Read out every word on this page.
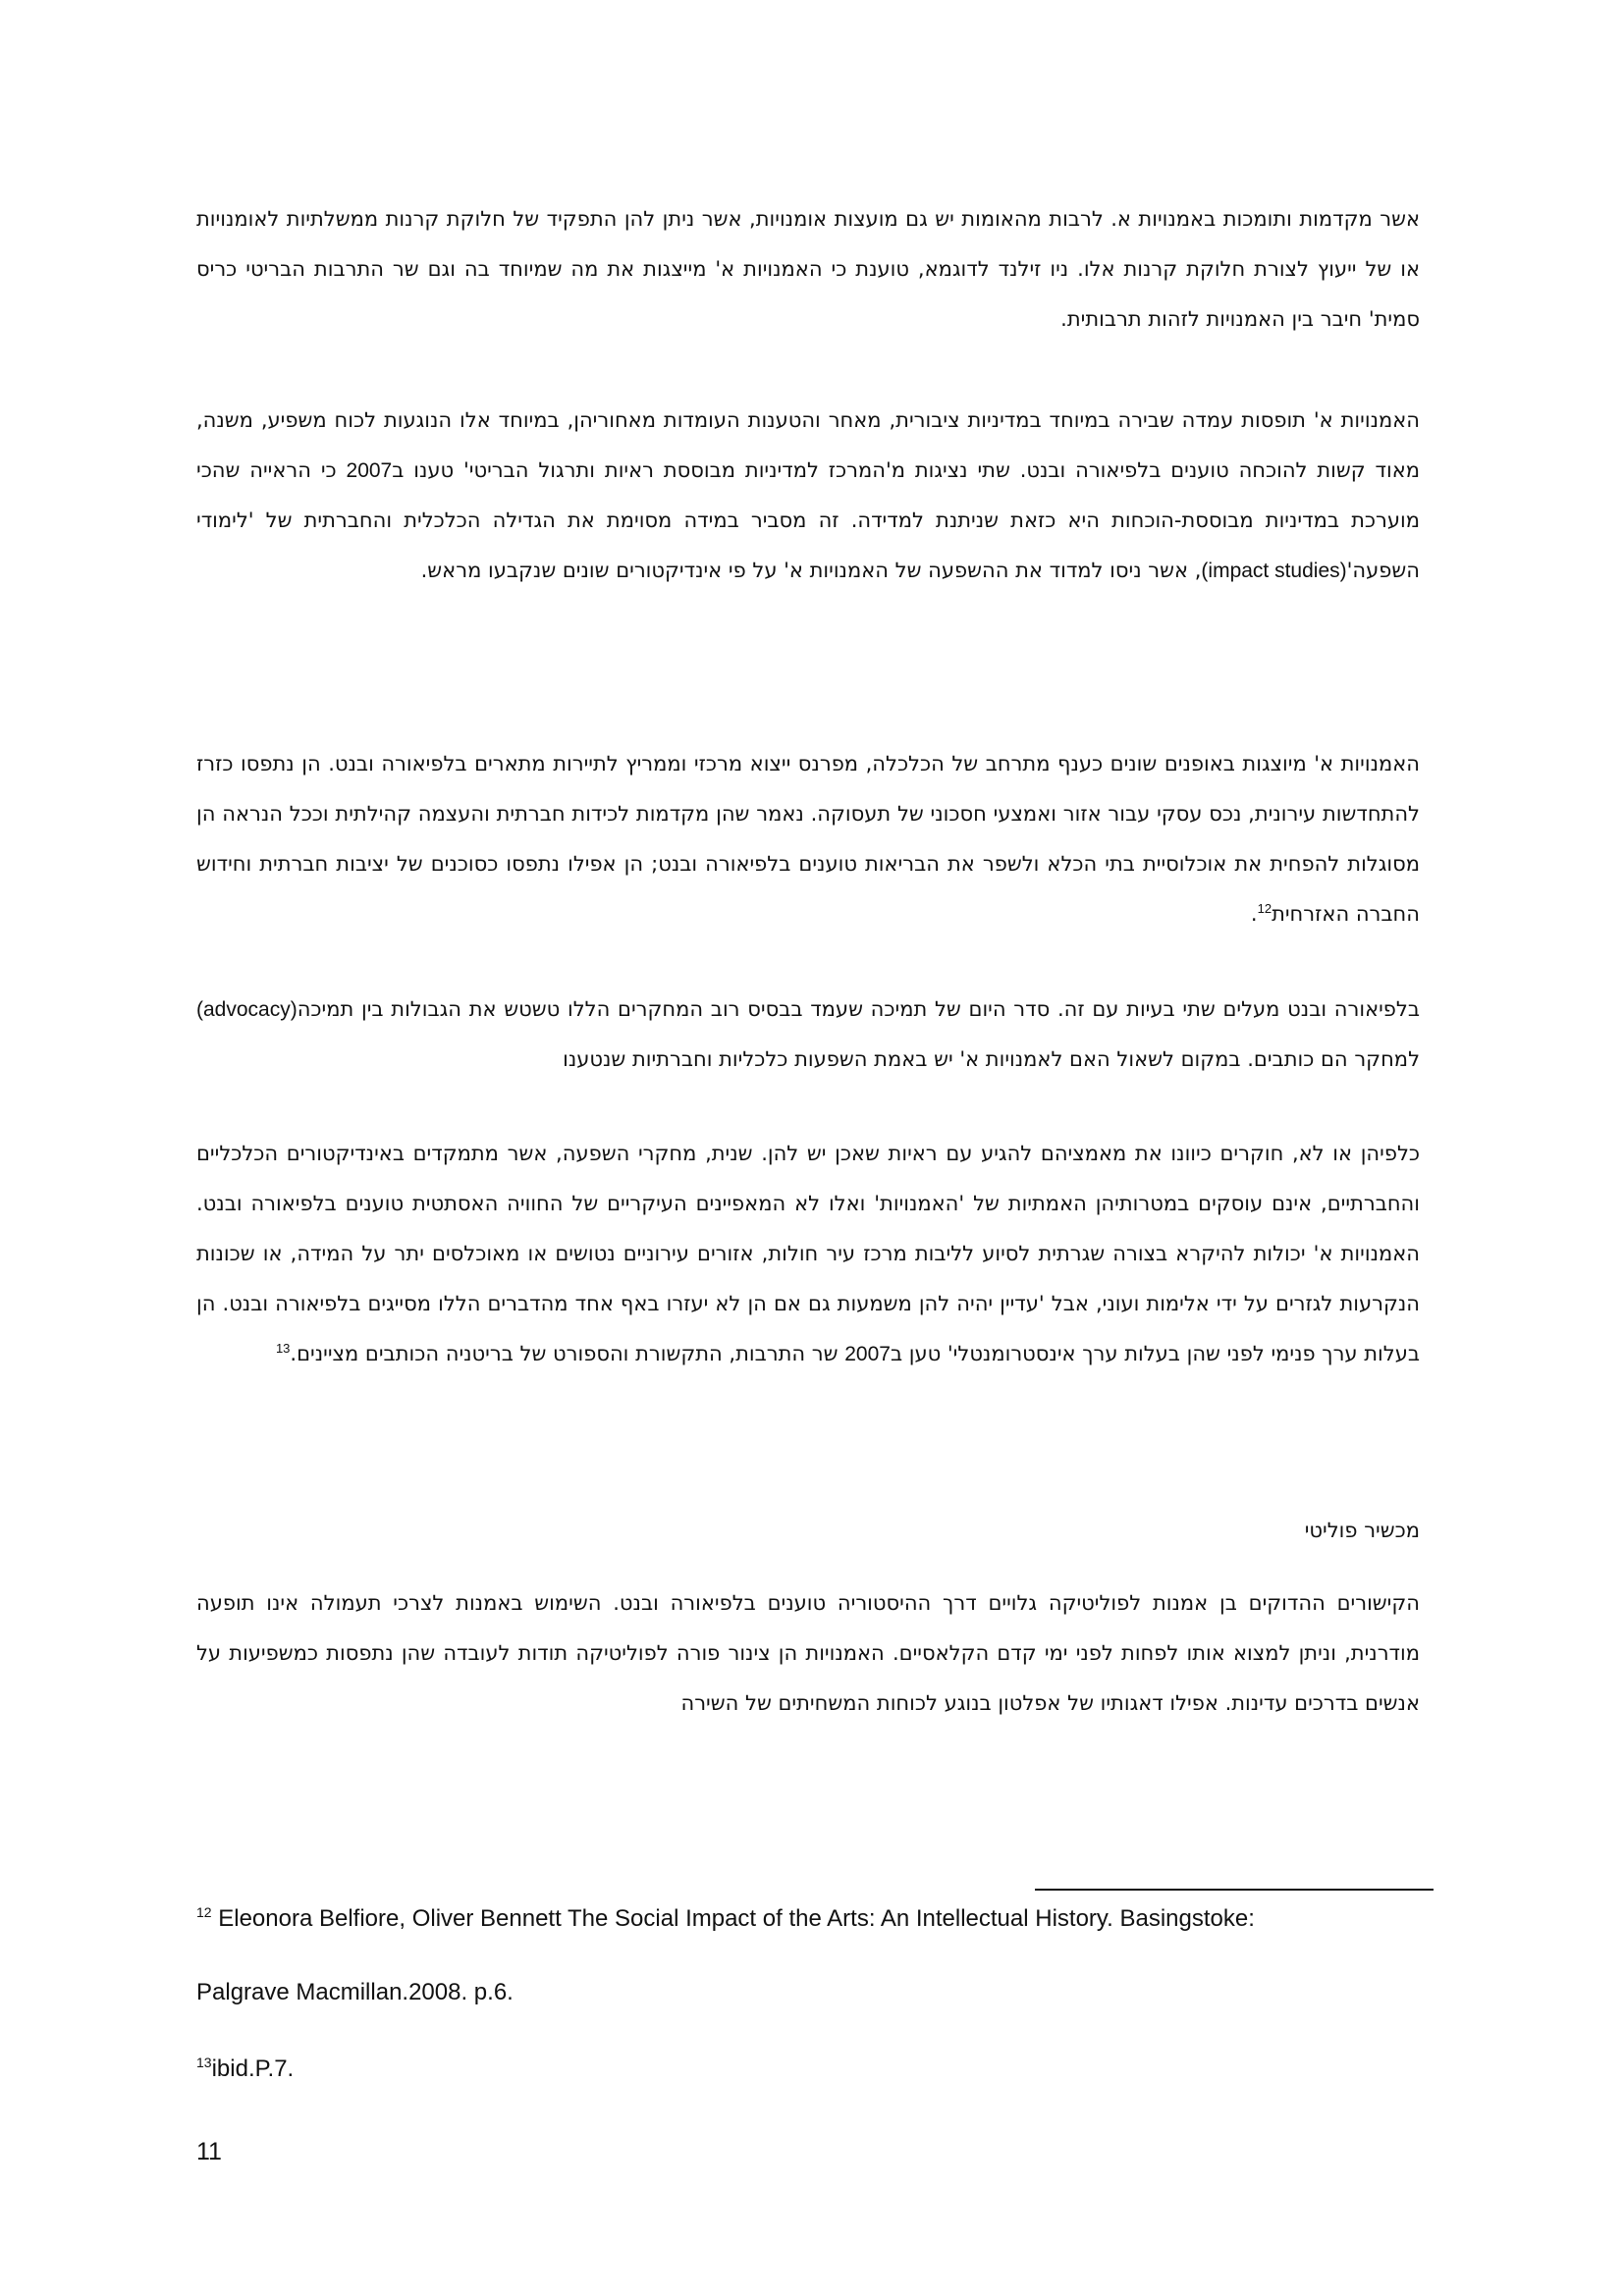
אשר מקדמות ותומכות באמנויות א. לרבות מהאומות יש גם מועצות אומנויות, אשר ניתן להן התפקיד של חלוקת קרנות ממשלתיות לאומנויות או של ייעוץ לצורת חלוקת קרנות אלו. ניו זילנד לדוגמא, טוענת כי האמנויות א' מייצגות את מה שמיוחד בה וגם שר התרבות הבריטי כריס סמית' חיבר בין האמנויות לזהות תרבותית.

האמנויות א' תופסות עמדה שבירה במיוחד במדיניות ציבורית, מאחר והטענות העומדות מאחוריהן, במיוחד אלו הנוגעות לכוח משפיע, משנה, מאוד קשות להוכחה טוענים בלפיאורה ובנט. שתי נציגות מ'המרכז למדיניות מבוססת ראיות ותרגול הבריטי' טענו ב2007 כי הראייה שהכי מוערכת במדיניות מבוססת-הוכחות היא כזאת שניתנת למדידה. זה מסביר במידה מסוימת את הגדילה הכלכלית והחברתית של 'לימודי השפעה'(impact studies), אשר ניסו למדוד את ההשפעה של האמנויות א' על פי אינדיקטורים שונים שנקבעו מראש.

האמנויות א' מיוצגות באופנים שונים כענף מתרחב של הכלכלה, מפרנס ייצוא מרכזי וממריץ לתיירות מתארים בלפיאורה ובנט. הן נתפסו כזרז להתחדשות עירונית, נכס עסקי עבור אזור ואמצעי חסכוני של תעסוקה. נאמר שהן מקדמות לכידות חברתית והעצמה קהילתית וככל הנראה הן מסוגלות להפחית את אוכלוסיית בתי הכלא ולשפר את הבריאות טוענים בלפיאורה ובנט; הן אפילו נתפסו כסוכנים של יציבות חברתית וחידוש החברה האזרחית$^{12}$.

בלפיאורה ובנט מעלים שתי בעיות עם זה. סדר היום של תמיכה שעמד בבסיס רוב המחקרים הללו טשטש את הגבולות בין תמיכה(advocacy) למחקר הם כותבים. במקום לשאול האם לאמנויות א' יש באמת השפעות כלכליות וחברתיות שנטענו

כלפיהן או לא, חוקרים כיוונו את מאמציהם להגיע עם ראיות שאכן יש להן. שנית, מחקרי השפעה, אשר מתמקדים באינדיקטורים הכלכליים והחברתיים, אינם עוסקים במטרותיהן האמתיות של 'האמנויות' ואלו לא המאפיינים העיקריים של החוויה האסתטית טוענים בלפיאורה ובנט. האמנויות א' יכולות להיקרא בצורה שגרתית לסיוע לליבות מרכז עיר חולות, אזורים עירוניים נטושים או מאוכלסים יתר על המידה, או שכונות הנקרעות לגזרים על ידי אלימות ועוני, אבל 'עדיין יהיה להן משמעות גם אם הן לא יעזרו באף אחד מהדברים הללו מסייגים בלפיאורה ובנט. הן בעלות ערך פנימי לפני שהן בעלות ערך אינסטרומנטלי' טען ב2007 שר התרבות, התקשורת והספורט של בריטניה הכותבים מציינים.$^{13}$

מכשיר פוליטי

הקישורים ההדוקים בן אמנות לפוליטיקה גלויים דרך ההיסטוריה טוענים בלפיאורה ובנט. השימוש באמנות לצרכי תעמולה אינו תופעה מודרנית, וניתן למצוא אותו לפחות לפני ימי קדם הקלאסיים. האמנויות הן צינור פורה לפוליטיקה תודות לעובדה שהן נתפסות כמשפיעות על אנשים בדרכים עדינות. אפילו דאגותיו של אפלטון בנוגע לכוחות המשחיתים של השירה

$^{12}$ Eleonora Belfiore, Oliver Bennett The Social Impact of the Arts: An Intellectual History. Basingstoke:

Palgrave Macmillan.2008. p.6.

$^{13}$ibid.P.7.

11
